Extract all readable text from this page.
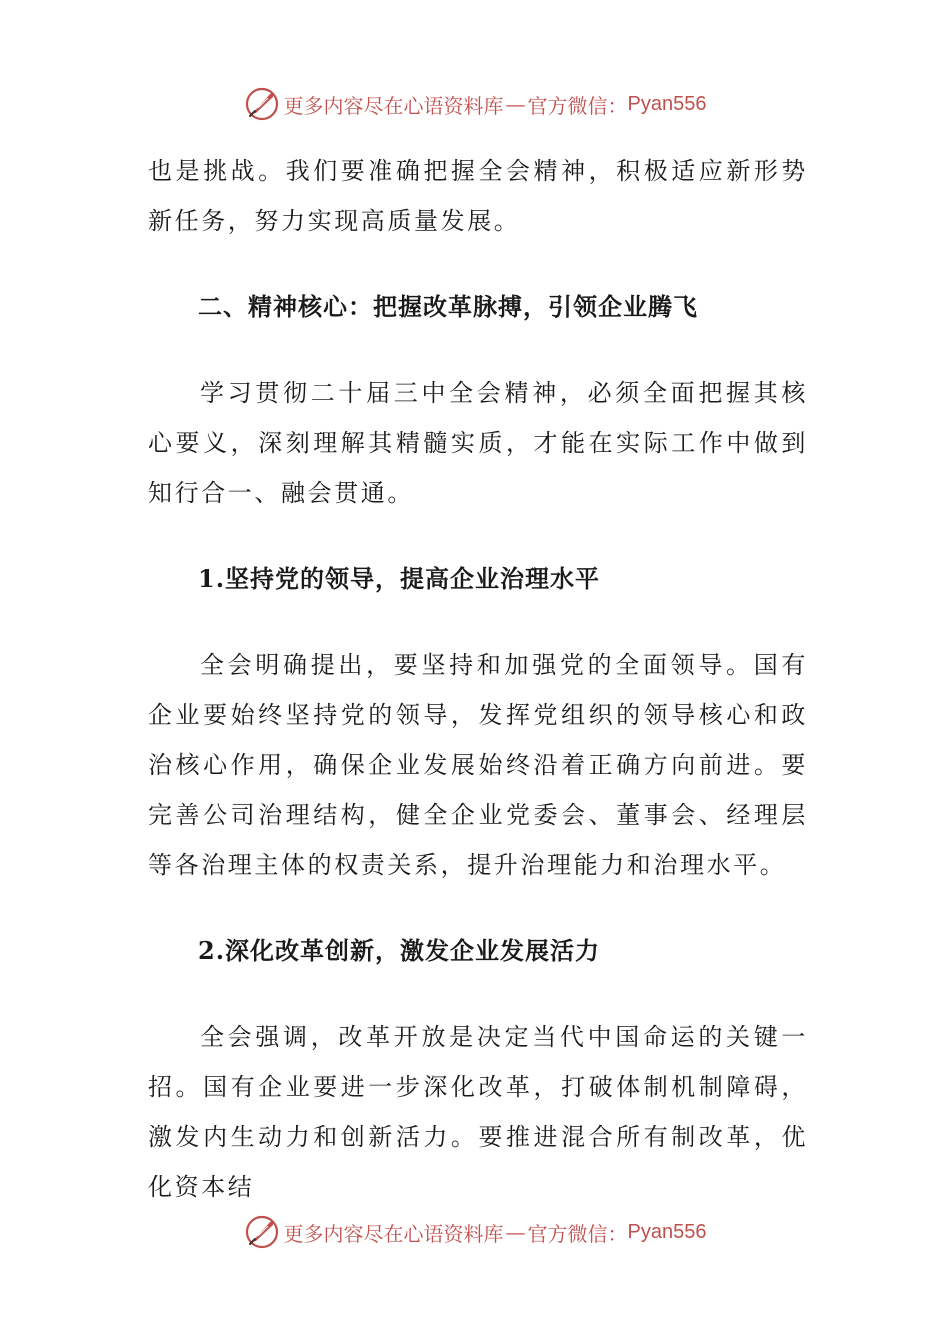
更多内容尽在心语资料库 — 官方微信： Pyan556

也是挑战。我们要准确把握全会精神，积极适应新形势新任务，努力实现高质量发展。

二、精神核心：把握改革脉搏，引领企业腾飞

学习贯彻二十届三中全会精神，必须全面把握其核心要义，深刻理解其精髓实质，才能在实际工作中做到知行合一、融会贯通。

1.坚持党的领导，提高企业治理水平

全会明确提出，要坚持和加强党的全面领导。国有企业要始终坚持党的领导，发挥党组织的领导核心和政治核心作用，确保企业发展始终沿着正确方向前进。要完善公司治理结构，健全企业党委会、董事会、经理层等各治理主体的权责关系，提升治理能力和治理水平。

2.深化改革创新，激发企业发展活力

全会强调，改革开放是决定当代中国命运的关键一招。国有企业要进一步深化改革，打破体制机制障碍，激发内生动力和创新活力。要推进混合所有制改革，优化资本结

更多内容尽在心语资料库 — 官方微信： Pyan556
